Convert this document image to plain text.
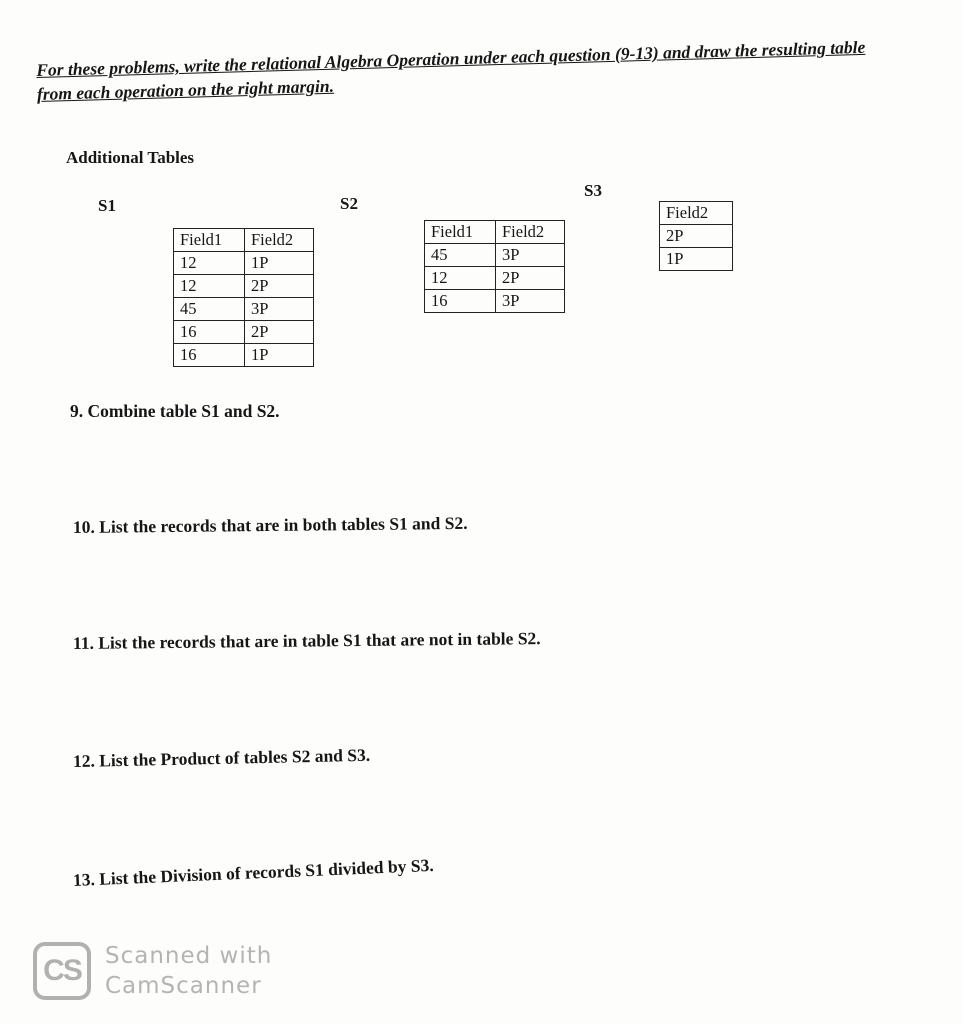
For these problems, write the relational Algebra Operation under each question (9-13) and draw the resulting table from each operation on the right margin.
Additional Tables
S1	S2
S3
Field1	Field2
12	1P
12	2P
45	3P
16	2P
16	1P
Field1	Field2
45	3P
12	2P
16	3P
Field2
2P
1P
9. Combine table S1 and S2.
10. List the records that are in both tables S1 and S2.
11. List the records that are in table S1 that are not in table S2.
12. List the Product of tables S2 and S3.
13. List the Division of records S1 divided by S3.
CS	Scanned with
CamScanner
